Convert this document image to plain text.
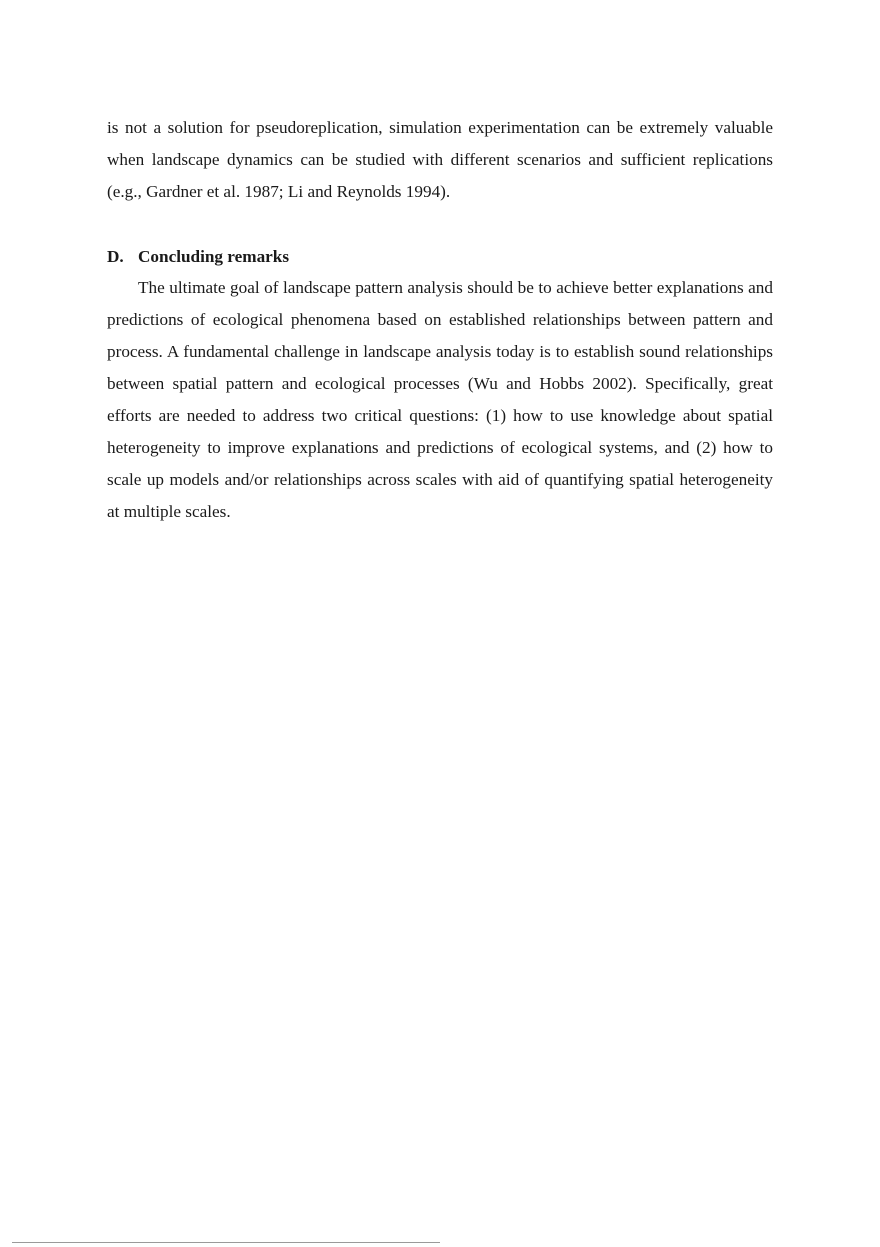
is not a solution for pseudoreplication, simulation experimentation can be extremely valuable when landscape dynamics can be studied with different scenarios and sufficient replications (e.g., Gardner et al. 1987; Li and Reynolds 1994).

D. Concluding remarks

The ultimate goal of landscape pattern analysis should be to achieve better explanations and predictions of ecological phenomena based on established relationships between pattern and process. A fundamental challenge in landscape analysis today is to establish sound relationships between spatial pattern and ecological processes (Wu and Hobbs 2002). Specifically, great efforts are needed to address two critical questions: (1) how to use knowledge about spatial heterogeneity to improve explanations and predictions of ecological systems, and (2) how to scale up models and/or relationships across scales with aid of quantifying spatial heterogeneity at multiple scales.
